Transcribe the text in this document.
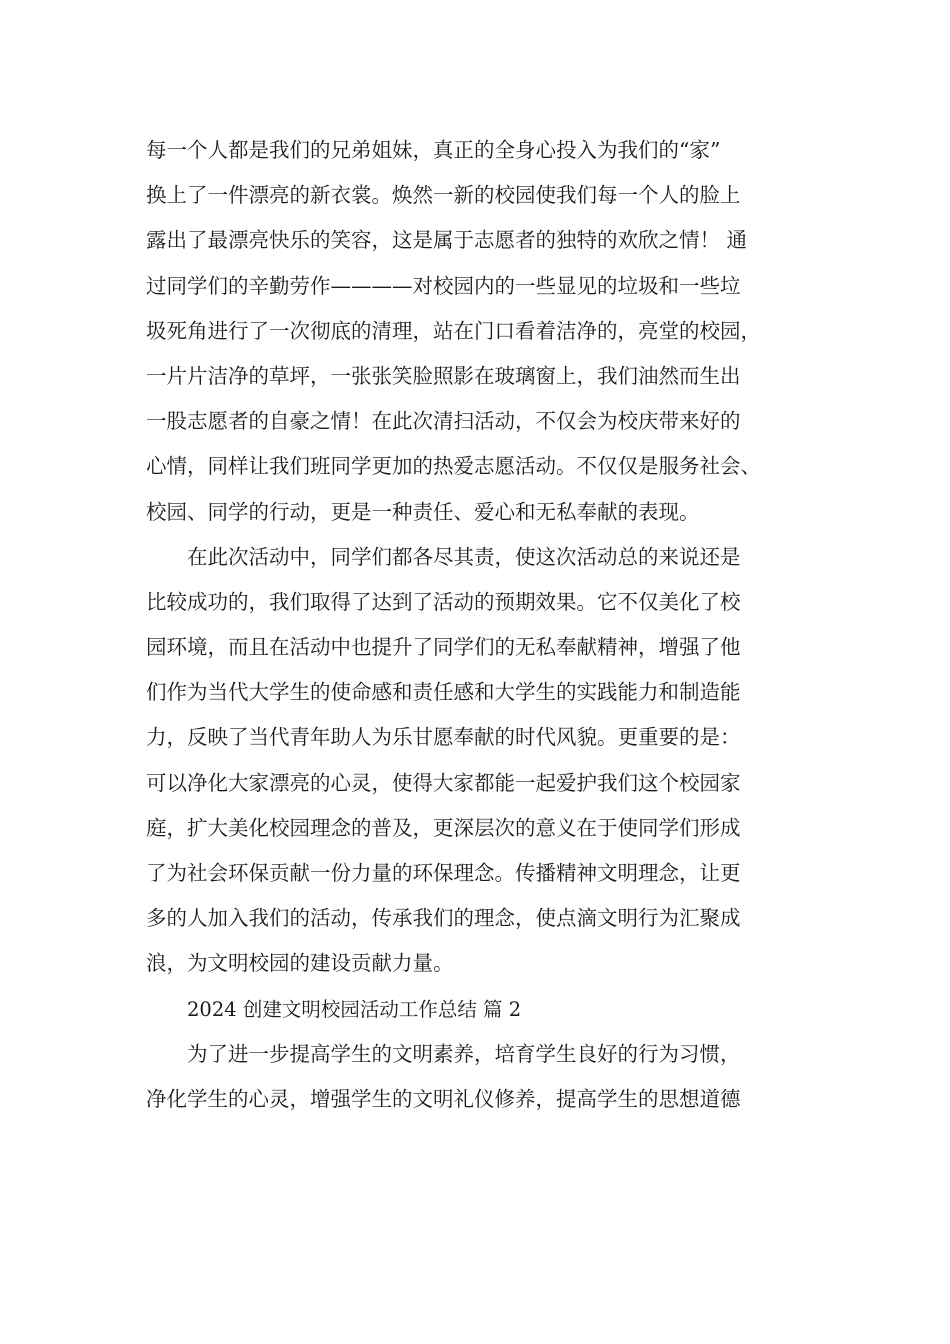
每一个人都是我们的兄弟姐妹，真正的全身心投入为我们的“家”
换上了一件漂亮的新衣裳。焕然一新的校园使我们每一个人的脸上
露出了最漂亮快乐的笑容，这是属于志愿者的独特的欢欣之情！ 通
过同学们的辛勤劳作————对校园内的一些显见的垃圾和一些垃
圾死角进行了一次彻底的清理，站在门口看着洁净的，亮堂的校园，
一片片洁净的草坪，一张张笑脸照影在玻璃窗上，我们油然而生出
一股志愿者的自豪之情！在此次清扫活动，不仅会为校庆带来好的
心情，同样让我们班同学更加的热爱志愿活动。不仅仅是服务社会、
校园、同学的行动，更是一种责任、爱心和无私奉献的表现。
在此次活动中，同学们都各尽其责，使这次活动总的来说还是
比较成功的，我们取得了达到了活动的预期效果。它不仅美化了校
园环境，而且在活动中也提升了同学们的无私奉献精神，增强了他
们作为当代大学生的使命感和责任感和大学生的实践能力和制造能
力，反映了当代青年助人为乐甘愿奉献的时代风貌。更重要的是：
可以净化大家漂亮的心灵，使得大家都能一起爱护我们这个校园家
庭，扩大美化校园理念的普及，更深层次的意义在于使同学们形成
了为社会环保贡献一份力量的环保理念。传播精神文明理念，让更
多的人加入我们的活动，传承我们的理念，使点滴文明行为汇聚成
浪，为文明校园的建设贡献力量。
2024 创建文明校园活动工作总结 篇 2
为了进一步提高学生的文明素养，培育学生良好的行为习惯，
净化学生的心灵，增强学生的文明礼仪修养，提高学生的思想道德
